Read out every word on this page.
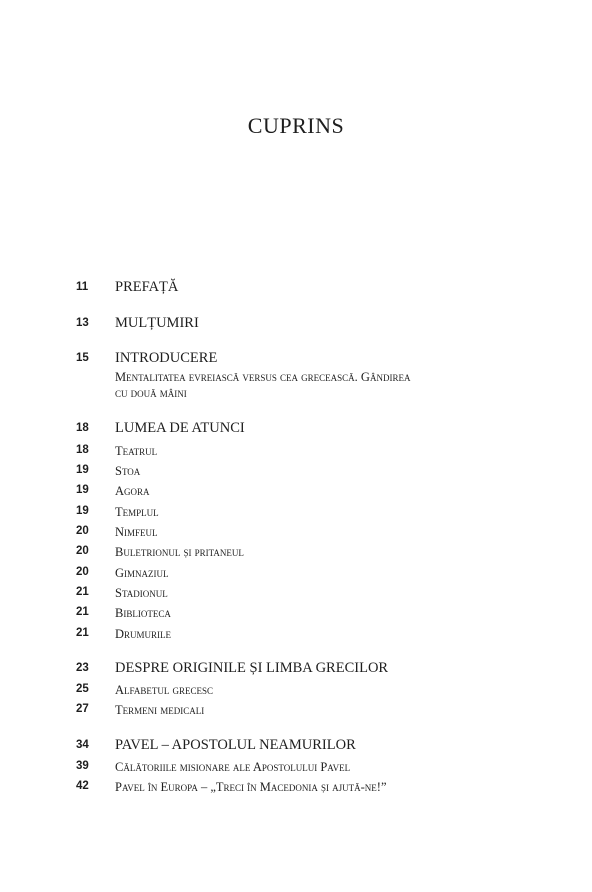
CUPRINS
11	PREFAȚĂ
13	MULȚUMIRI
15	INTRODUCERE
Mentalitatea evreiască versus cea grecească. Gândirea
cu două mâini
18	LUMEA DE ATUNCI
18	Teatrul
19	Stoa
19	Agora
19	Templul
20	Nimfeul
20	Buletrionul și pritaneul
20	Gimnaziul
21	Stadionul
21	Biblioteca
21	Drumurile
23	DESPRE ORIGINILE ȘI LIMBA GRECILOR
25	Alfabetul grecesc
27	Termeni medicali
34	PAVEL – APOSTOLUL NEAMURILOR
39	Călătoriile misionare ale Apostolului Pavel
42	Pavel în Europa – „Treci în Macedonia și ajută-ne!”
